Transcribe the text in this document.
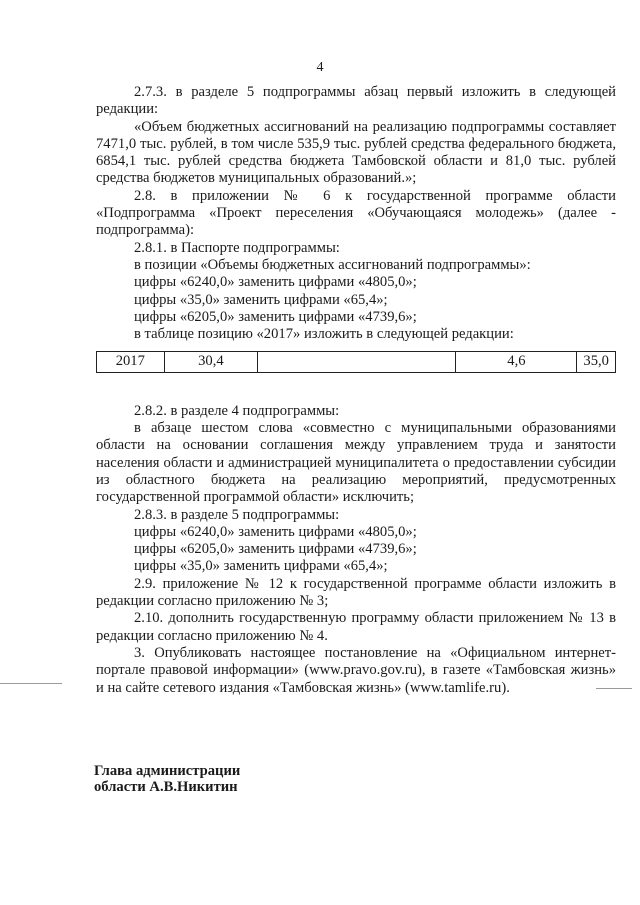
4

2.7.3. в разделе 5 подпрограммы абзац первый изложить в следующей редакции:

«Объем бюджетных ассигнований на реализацию подпрограммы составляет 7471,0 тыс. рублей, в том числе 535,9 тыс. рублей средства федерального бюджета, 6854,1 тыс. рублей средства бюджета Тамбовской области и 81,0 тыс. рублей средства бюджетов муниципальных образований.»;

2.8. в приложении № 6 к государственной программе области «Подпрограмма «Проект переселения «Обучающаяся молодежь» (далее - подпрограмма):

2.8.1. в Паспорте подпрограммы:

в позиции «Объемы бюджетных ассигнований подпрограммы»:

цифры «6240,0» заменить цифрами «4805,0»;

цифры «35,0» заменить цифрами «65,4»;

цифры «6205,0» заменить цифрами «4739,6»;

в таблице позицию «2017» изложить в следующей редакции:

2017	30,4		4,6	35,0

2.8.2. в разделе 4 подпрограммы:

в абзаце шестом слова «совместно с муниципальными образованиями области на основании соглашения между управлением труда и занятости населения области и администрацией муниципалитета о предоставлении субсидии из областного бюджета на реализацию мероприятий, предусмотренных государственной программой области» исключить;

2.8.3. в разделе 5 подпрограммы:

цифры «6240,0» заменить цифрами «4805,0»;

цифры «6205,0» заменить цифрами «4739,6»;

цифры «35,0» заменить цифрами «65,4»;

2.9. приложение № 12 к государственной программе области изложить в редакции согласно приложению № 3;

2.10. дополнить государственную программу области приложением № 13 в редакции согласно приложению № 4.

3. Опубликовать настоящее постановление на «Официальном интернет-портале правовой информации» (www.pravo.gov.ru), в газете «Тамбовская жизнь» и на сайте сетевого издания «Тамбовская жизнь» (www.tamlife.ru).

Глава администрации
области А.В.Никитин
